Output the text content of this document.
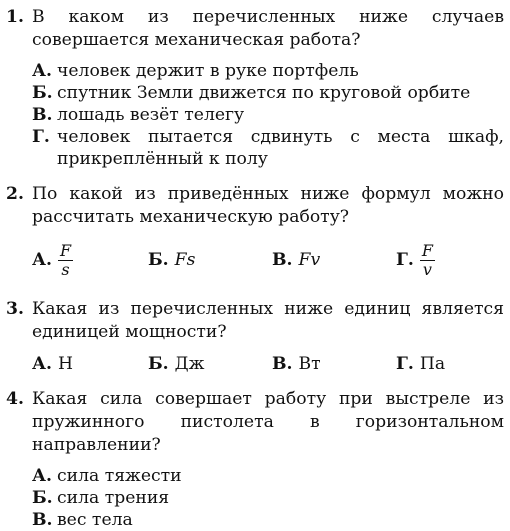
1. В каком из перечисленных ниже случаев совершается механическая работа?
А. человек держит в руке портфель
Б. спутник Земли движется по круговой орбите
В. лошадь везёт телегу
Г. человек пытается сдвинуть с места шкаф, прикреплённый к полу
2. По какой из приведённых ниже формул можно рассчитать механическую работу?
А. $\frac{F}{s}$	Б. Fs	В. Fv	Г. $\frac{F}{v}$
3. Какая из перечисленных ниже единиц является единицей мощности?
А. Н	Б. Дж	В. Вт	Г. Па
4. Какая сила совершает работу при выстреле из пружинного пистолета в горизонтальном направлении?
А. сила тяжести
Б. сила трения
В. вес тела
